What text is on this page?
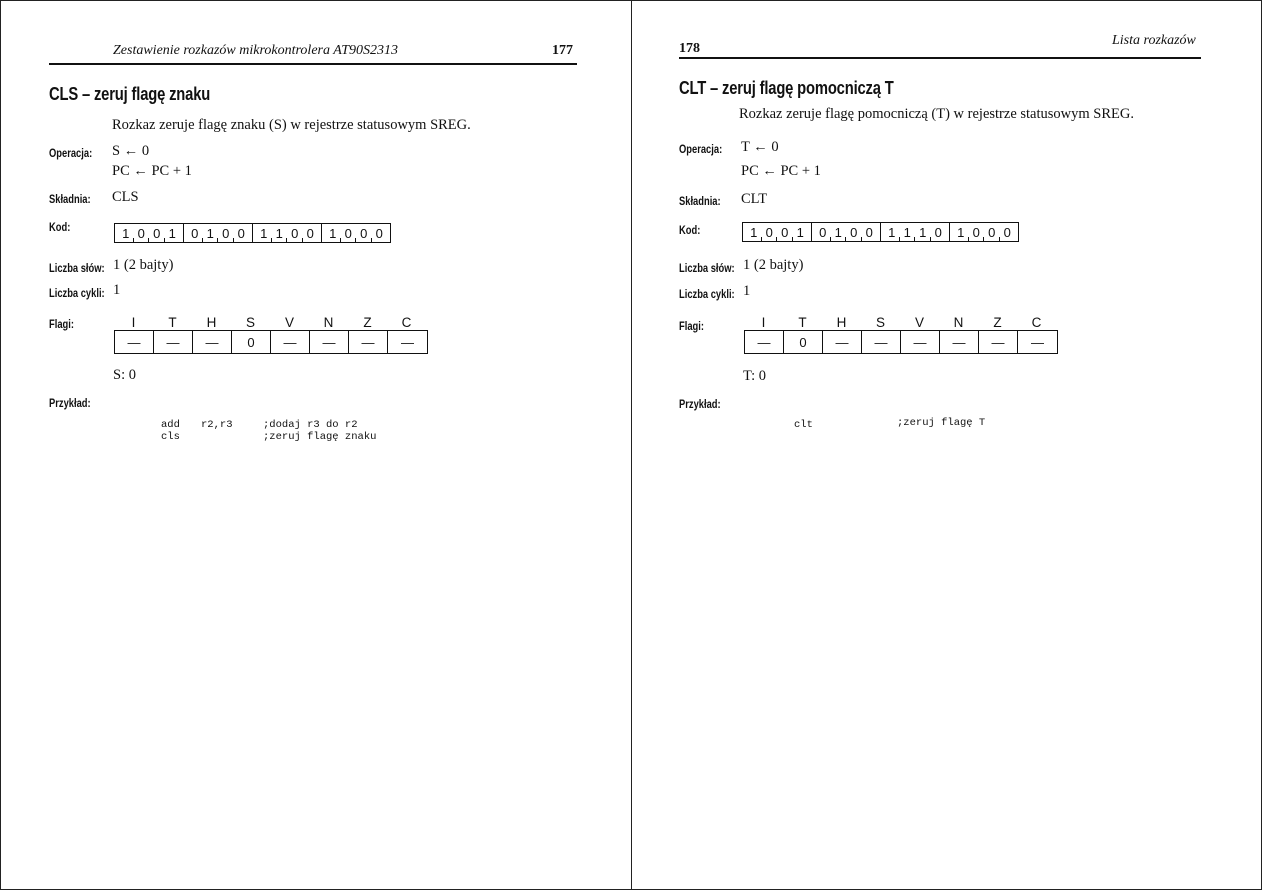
Zestawienie rozkazów mikrokontrolera AT90S2313	177
CLS – zeruj flagę znaku
Rozkaz zeruje flagę znaku (S) w rejestrze statusowym SREG.
Operacja: S ← 0
PC ← PC + 1
Składnia: CLS
Kod:	1 0 0 1	0 1 0 0	1 1 0 0	1 0 0 0
Liczba słów: 1 (2 bajty)
Liczba cykli: 1
Flagi:	I	T	H	S	V	N	Z	C
—	—	—	0	—	—	—	—
S: 0
Przykład:
add r2,r3	;dodaj r3 do r2
cls	;zeruj flagę znaku
178
Lista rozkazów
CLT – zeruj flagę pomocniczą T
Rozkaz zeruje flagę pomocniczą (T) w rejestrze statusowym SREG.
Operacja: T ← 0
PC ← PC + 1
Składnia: CLT
Kod:	1 0 0 1	0 1 0 0	1 1 1 0	1 0 0 0
Liczba słów: 1 (2 bajty)
Liczba cykli: 1
Flagi:	I	T	H	S	V	N	Z	C
—	0	—	—	—	—	—	—
T: 0
Przykład:
clt	;zeruj flagę T
